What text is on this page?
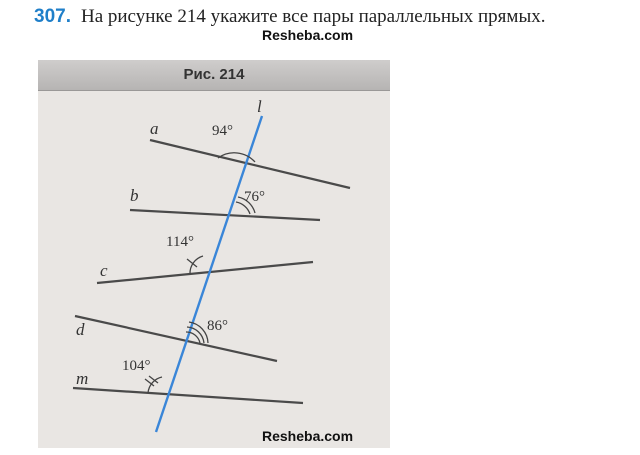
307. На рисунке 214 укажите все пары параллельных прямых.
Resheba.com
Рис. 214
l
a
b
c
d
m
94°
76°
114°
86°
104°
Resheba.com
